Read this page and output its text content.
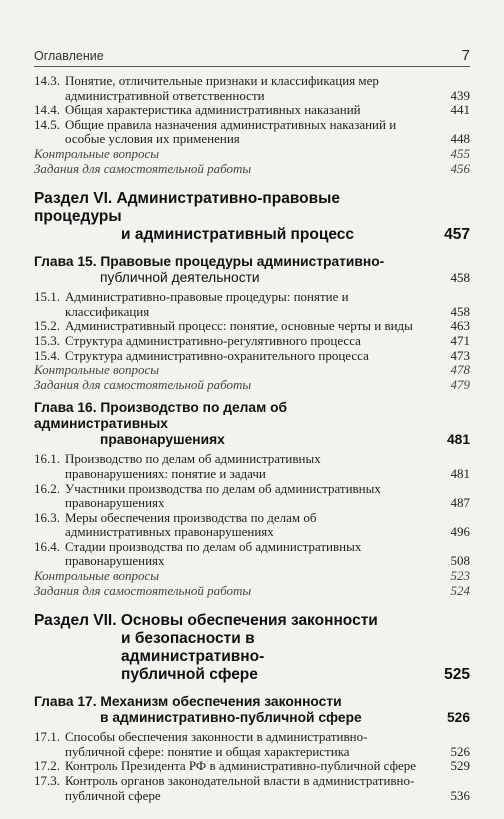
Оглавление	7
14.3. Понятие, отличительные признаки и классификация мер административной ответственности	439
14.4. Общая характеристика административных наказаний	441
14.5. Общие правила назначения административных наказаний и особые условия их применения	448
Контрольные вопросы	455
Задания для самостоятельной работы	456
Раздел VI. Административно-правовые процедуры
и административный процесс	457
Глава 15. Правовые процедуры административно-
публичной деятельности	458
15.1. Административно-правовые процедуры: понятие и классификация	458
15.2. Административный процесс: понятие, основные черты и виды	463
15.3. Структура административно-регулятивного процесса	471
15.4. Структура административно-охранительного процесса	473
Контрольные вопросы	478
Задания для самостоятельной работы	479
Глава 16. Производство по делам об административных
правонарушениях	481
16.1. Производство по делам об административных правонарушениях: понятие и задачи	481
16.2. Участники производства по делам об административных правонарушениях	487
16.3. Меры обеспечения производства по делам об административных правонарушениях	496
16.4. Стадии производства по делам об административных правонарушениях	508
Контрольные вопросы	523
Задания для самостоятельной работы	524
Раздел VII. Основы обеспечения законности
и безопасности в административно-
публичной сфере	525
Глава 17. Механизм обеспечения законности
в административно-публичной сфере	526
17.1. Способы обеспечения законности в административно-публичной сфере: понятие и общая характеристика	526
17.2. Контроль Президента РФ в административно-публичной сфере	529
17.3. Контроль органов законодательной власти в административно-публичной сфере	536
